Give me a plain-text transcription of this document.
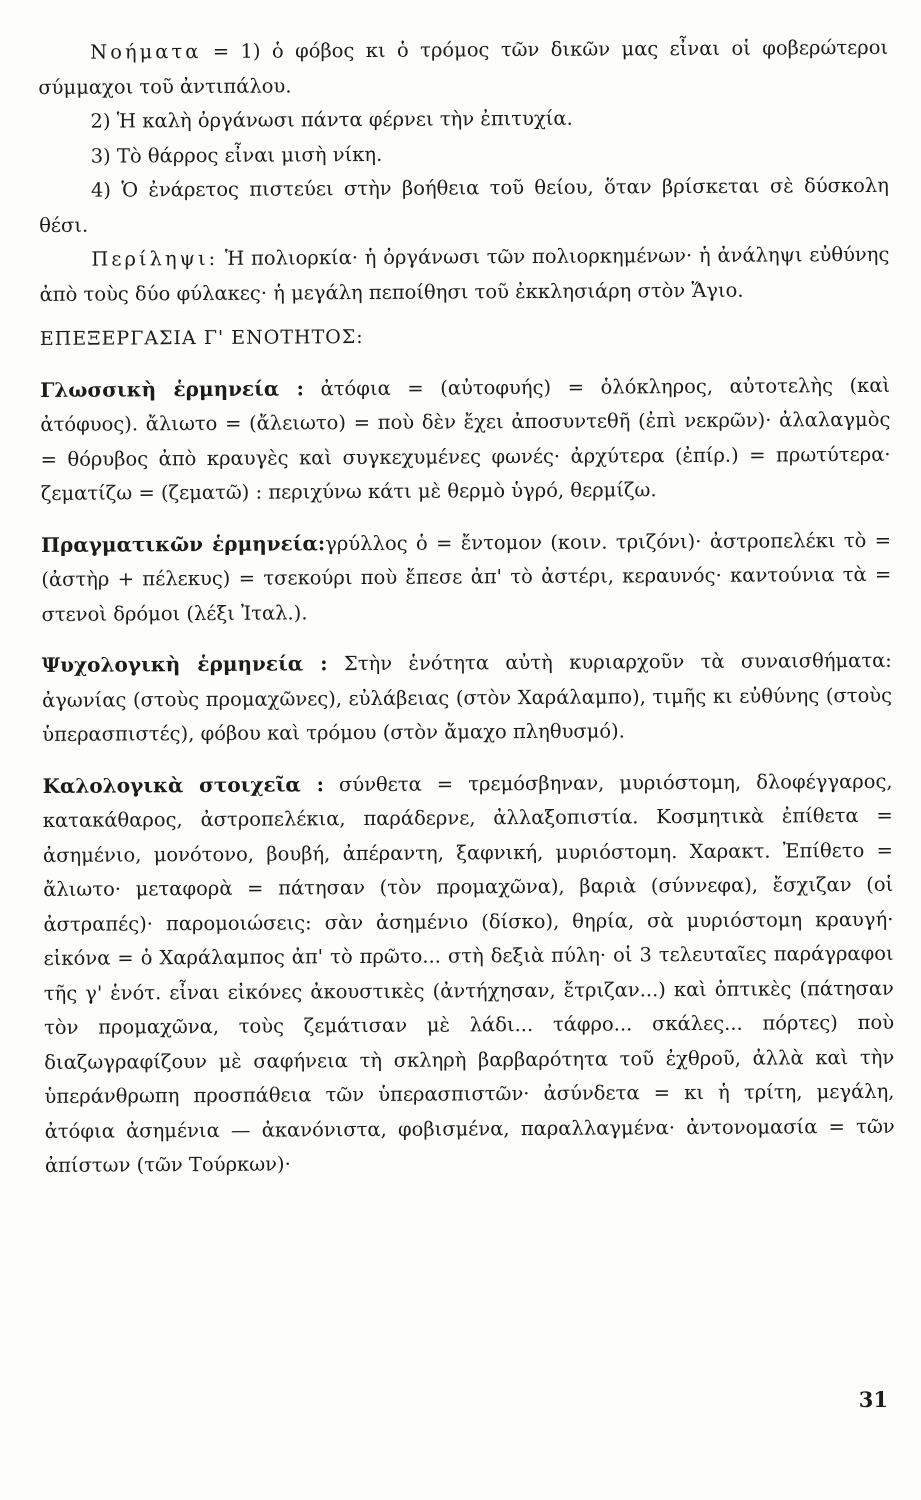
Νοήματα = 1) ὁ φόβος κι ὁ τρόμος τῶν δικῶν μας εἶναι οἱ φοβερώτεροι σύμμαχοι τοῦ ἀντιπάλου.

2) Ἡ καλὴ ὀργάνωσι πάντα φέρνει τὴν ἐπιτυχία.

3) Τὸ θάρρος εἶναι μισὴ νίκη.

4) Ὁ ἐνάρετος πιστεύει στὴν βοήθεια τοῦ θείου, ὅταν βρίσκεται σὲ δύσκολη θέσι.

Περίληψι: Ἡ πολιορκία· ἡ ὀργάνωσι τῶν πολιορκημένων· ἡ ἀνάληψι εὐθύνης ἀπὸ τοὺς δύο φύλακες· ἡ μεγάλη πεποίθησι τοῦ ἐκκλησιάρη στὸν Ἅγιο.

ΕΠΕΞΕΡΓΑΣΙΑ Γ' ΕΝΟΤΗΤΟΣ:

Γλωσσικὴ ἑρμηνεία : ἀτόφια = (αὐτοφυής) = ὁλόκληρος, αὐτοτελὴς (καὶ ἀτόφυος). ἄλιωτο = (ἄλειωτο) = ποὺ δὲν ἔχει ἀποσυντεθῆ (ἐπὶ νεκρῶν)· ἀλαλαγμὸς = θόρυβος ἀπὸ κραυγὲς καὶ συγκεχυμένες φωνές· ἀρχύτερα (ἐπίρ.) = πρωτύτερα· ζεματίζω = (ζεματῶ) : περιχύνω κάτι μὲ θερμὸ ὑγρό, θερμίζω.

Πραγματικῶν ἑρμηνεία:γρύλλος ὁ = ἔντομον (κοιν. τριζόνι)· ἀστροπελέκι τὸ = (ἀστὴρ + πέλεκυς) = τσεκούρι ποὺ ἔπεσε ἀπ' τὸ ἀστέρι, κεραυνός· καντούνια τὰ = στενοὶ δρόμοι (λέξι Ἰταλ.).

Ψυχολογικὴ ἑρμηνεία : Στὴν ἑνότητα αὐτὴ κυριαρχοῦν τὰ συναισθήματα: ἀγωνίας (στοὺς προμαχῶνες), εὐλάβειας (στὸν Χαράλαμπο), τιμῆς κι εὐθύνης (στοὺς ὑπερασπιστές), φόβου καὶ τρόμου (στὸν ἄμαχο πληθυσμό).

Καλολογικὰ στοιχεῖα : σύνθετα = τρεμόσβηναν, μυριόστομη, δλοφέγγαρος, κατακάθαρος, ἀστροπελέκια, παράδερνε, ἀλλαξοπιστία. Κοσμητικὰ ἐπίθετα = ἀσημένιο, μονότονο, βουβή, ἀπέραντη, ξαφνική, μυριόστομη. Χαρακτ. Ἐπίθετο = ἄλιωτο· μεταφορὰ = πάτησαν (τὸν προμαχῶνα), βαριὰ (σύννεφα), ἔσχιζαν (οἱ ἀστραπές)· παρομοιώσεις: σὰν ἀσημένιο (δίσκο), θηρία, σὰ μυριόστομη κραυγή· εἰκόνα = ὁ Χαράλαμπος ἀπ' τὸ πρῶτο... στὴ δεξιὰ πύλη· οἱ 3 τελευταῖες παράγραφοι τῆς γ' ἑνότ. εἶναι εἰκόνες ἀκουστικὲς (ἀντήχησαν, ἔτριζαν...) καὶ ὀπτικὲς (πάτησαν τὸν προμαχῶνα, τοὺς ζεμάτισαν μὲ λάδι... τάφρο... σκάλες... πόρτες) ποὺ διαζωγραφίζουν μὲ σαφήνεια τὴ σκληρὴ βαρβαρότητα τοῦ ἐχθροῦ, ἀλλὰ καὶ τὴν ὑπεράνθρωπη προσπάθεια τῶν ὑπερασπιστῶν· ἀσύνδετα = κι ἡ τρίτη, μεγάλη, ἀτόφια ἀσημένια — ἀκανόνιστα, φοβισμένα, παραλλαγμένα· ἀντονομασία = τῶν ἀπίστων (τῶν Τούρκων)·

31
